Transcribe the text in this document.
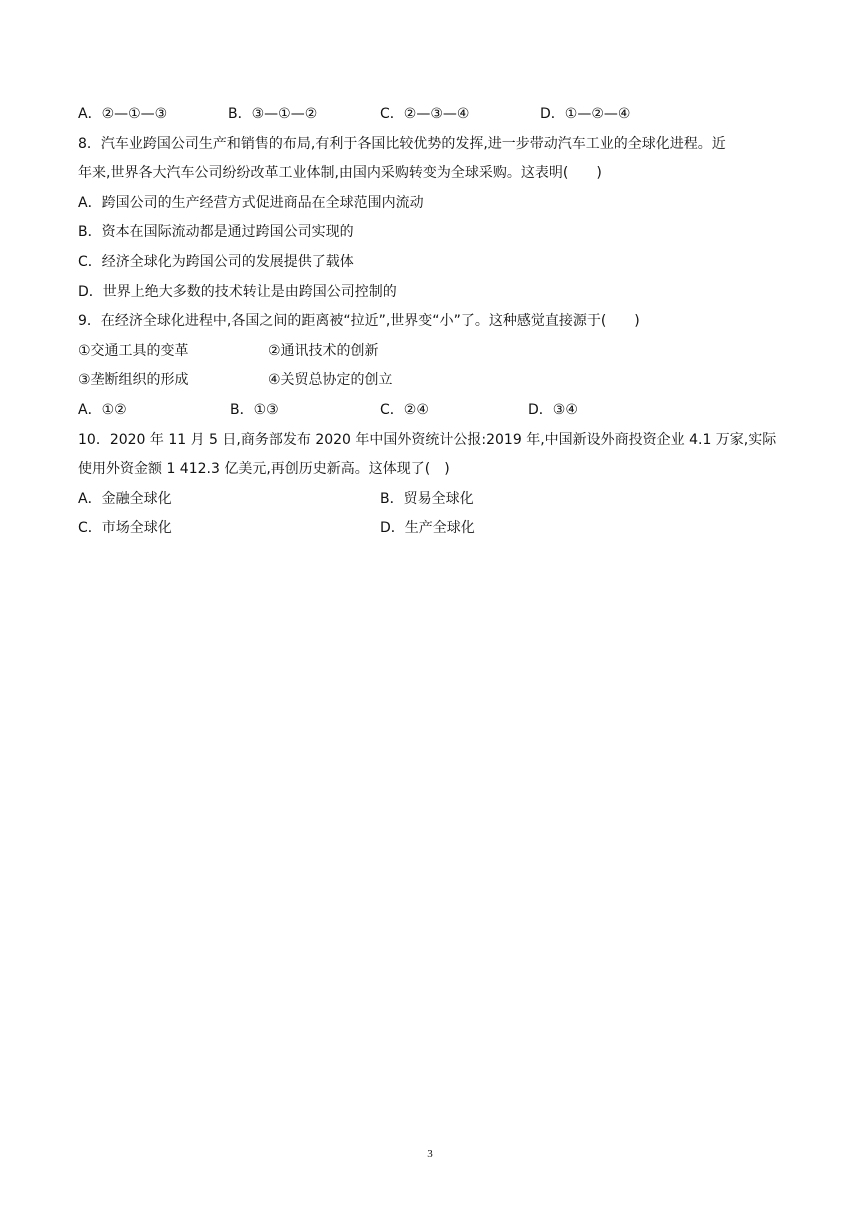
A．②—①—③	B．③—①—②	C．②—③—④	D．①—②—④
8．汽车业跨国公司生产和销售的布局,有利于各国比较优势的发挥,进一步带动汽车工业的全球化进程。近
年来,世界各大汽车公司纷纷改革工业体制,由国内采购转变为全球采购。这表明(　　)
A．跨国公司的生产经营方式促进商品在全球范围内流动
B．资本在国际流动都是通过跨国公司实现的
C．经济全球化为跨国公司的发展提供了载体
D．世界上绝大多数的技术转让是由跨国公司控制的
9．在经济全球化进程中,各国之间的距离被“拉近”,世界变“小”了。这种感觉直接源于(　　)
①交通工具的变革	②通讯技术的创新
③垄断组织的形成	④关贸总协定的创立
A．①②	B．①③	C．②④	D．③④
10．2020 年 11 月 5 日,商务部发布 2020 年中国外资统计公报:2019 年,中国新设外商投资企业 4.1 万家,实际
使用外资金额 1 412.3 亿美元,再创历史新高。这体现了(　)
A．金融全球化	B．贸易全球化
C．市场全球化	D．生产全球化
3
